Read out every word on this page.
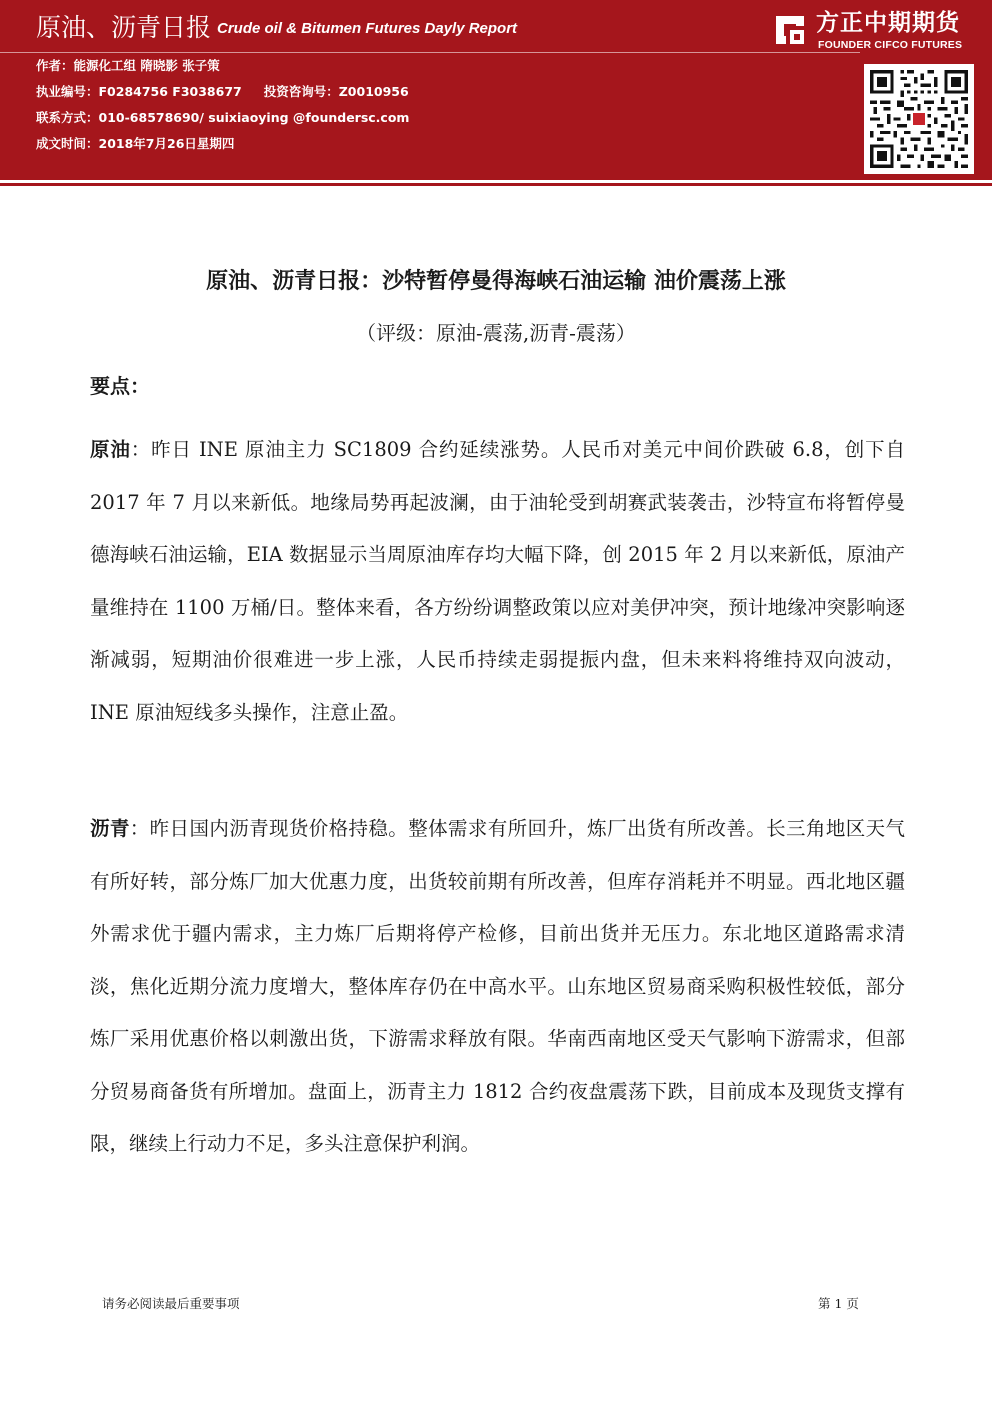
原油、沥青日报 Crude oil & Bitumen Futures Dayly Report
作者：能源化工组 隋晓影 张子策
执业编号：F0284756 F3038677 投资咨询号：Z0010956
联系方式：010-68578690/ suixiaoying @foundersc.com
成文时间：2018年7月26日星期四
方正中期期货
FOUNDER CIFCO FUTURES
原油、沥青日报：沙特暂停曼得海峡石油运输 油价震荡上涨
（评级：原油-震荡,沥青-震荡）
要点：
原油：昨日 INE 原油主力 SC1809 合约延续涨势。人民币对美元中间价跌破 6.8，创下自 2017 年 7 月以来新低。地缘局势再起波澜，由于油轮受到胡赛武装袭击，沙特宣布将暂停曼德海峡石油运输，EIA 数据显示当周原油库存均大幅下降，创 2015 年 2 月以来新低，原油产量维持在 1100 万桶/日。整体来看，各方纷纷调整政策以应对美伊冲突，预计地缘冲突影响逐渐减弱，短期油价很难进一步上涨，人民币持续走弱提振内盘，但未来料将维持双向波动，INE 原油短线多头操作，注意止盈。
沥青：昨日国内沥青现货价格持稳。整体需求有所回升，炼厂出货有所改善。长三角地区天气有所好转，部分炼厂加大优惠力度，出货较前期有所改善，但库存消耗并不明显。西北地区疆外需求优于疆内需求，主力炼厂后期将停产检修，目前出货并无压力。东北地区道路需求清淡，焦化近期分流力度增大，整体库存仍在中高水平。山东地区贸易商采购积极性较低，部分炼厂采用优惠价格以刺激出货，下游需求释放有限。华南西南地区受天气影响下游需求，但部分贸易商备货有所增加。盘面上，沥青主力 1812 合约夜盘震荡下跌，目前成本及现货支撑有限，继续上行动力不足，多头注意保护利润。
请务必阅读最后重要事项	第 1 页
